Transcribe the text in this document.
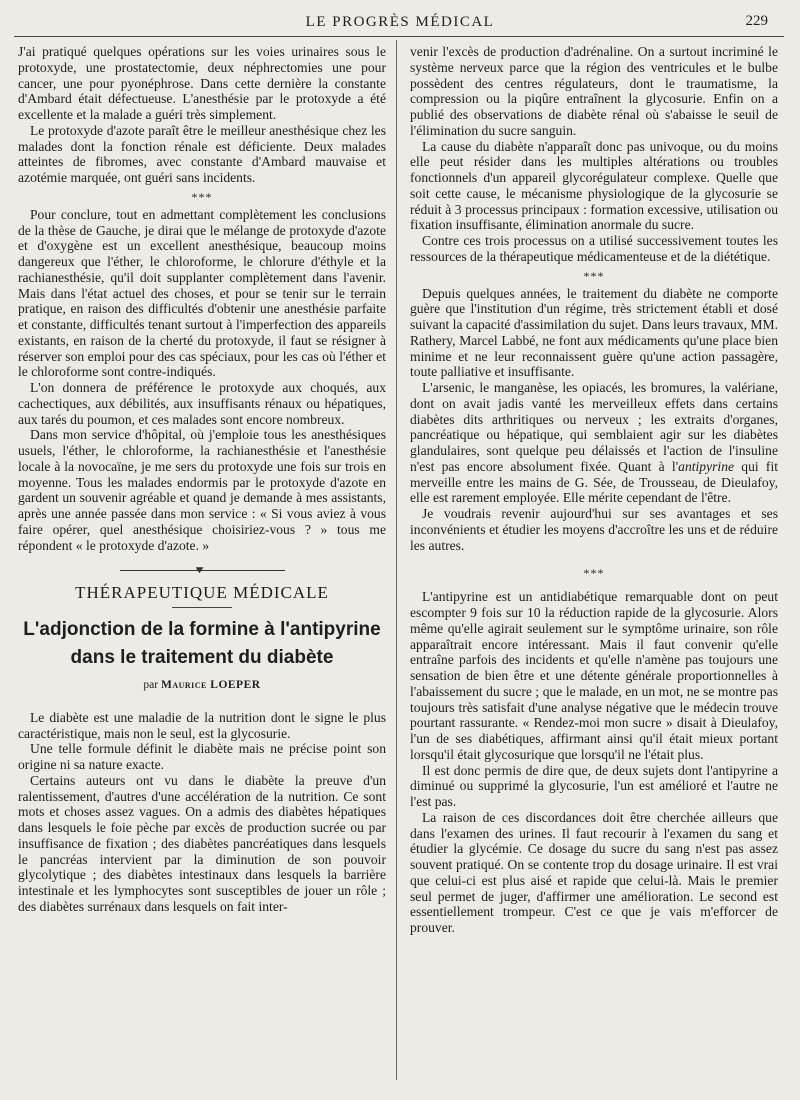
LE PROGRÈS MÉDICAL	229

J'ai pratiqué quelques opérations sur les voies urinaires sous le protoxyde, une prostatectomie, deux néphrectomies une pour cancer, une pour pyonéphrose. Dans cette dernière la constante d'Ambard était défectueuse. L'anesthésie par le protoxyde a été excellente et la malade a guéri très simplement.

Le protoxyde d'azote paraît être le meilleur anesthésique chez les malades dont la fonction rénale est déficiente. Deux malades atteintes de fibromes, avec constante d'Ambard mauvaise et azotémie marquée, ont guéri sans incidents.

***

Pour conclure, tout en admettant complètement les conclusions de la thèse de Gauche, je dirai que le mélange de protoxyde d'azote et d'oxygène est un excellent anesthésique, beaucoup moins dangereux que l'éther, le chloroforme, le chlorure d'éthyle et la rachianesthésie, qu'il doit supplanter complètement dans l'avenir. Mais dans l'état actuel des choses, et pour se tenir sur le terrain pratique, en raison des difficultés d'obtenir une anesthésie parfaite et constante, difficultés tenant surtout à l'imperfection des appareils existants, en raison de la cherté du protoxyde, il faut se résigner à réserver son emploi pour des cas spéciaux, pour les cas où l'éther et le chloroforme sont contre-indiqués.

L'on donnera de préférence le protoxyde aux choqués, aux cachectiques, aux débilités, aux insuffisants rénaux ou hépatiques, aux tarés du poumon, et ces malades sont encore nombreux.

Dans mon service d'hôpital, où j'emploie tous les anesthésiques usuels, l'éther, le chloroforme, la rachianesthésie et l'anesthésie locale à la novocaïne, je me sers du protoxyde une fois sur trois en moyenne. Tous les malades endormis par le protoxyde d'azote en gardent un souvenir agréable et quand je demande à mes assistants, après une année passée dans mon service : « Si vous aviez à vous faire opérer, quel anesthésique choisiriez-vous ? » tous me répondent « le protoxyde d'azote. »

THÉRAPEUTIQUE MÉDICALE
L'adjonction de la formine à l'antipyrine
dans le traitement du diabète
par Maurice LOEPER

Le diabète est une maladie de la nutrition dont le signe le plus caractéristique, mais non le seul, est la glycosurie.

Une telle formule définit le diabète mais ne précise point son origine ni sa nature exacte.

Certains auteurs ont vu dans le diabète la preuve d'un ralentissement, d'autres d'une accélération de la nutrition. Ce sont mots et choses assez vagues. On a admis des diabètes hépatiques dans lesquels le foie pèche par excès de production sucrée ou par insuffisance de fixation ; des diabètes pancréatiques dans lesquels le pancréas intervient par la diminution de son pouvoir glycolytique ; des diabètes intestinaux dans lesquels la barrière intestinale et les lymphocytes sont susceptibles de jouer un rôle ; des diabètes surrénaux dans lesquels on fait inter-

venir l'excès de production d'adrénaline. On a surtout incriminé le système nerveux parce que la région des ventricules et le bulbe possèdent des centres régulateurs, dont le traumatisme, la compression ou la piqûre entraînent la glycosurie. Enfin on a publié des observations de diabète rénal où s'abaisse le seuil de l'élimination du sucre sanguin.

La cause du diabète n'apparaît donc pas univoque, ou du moins elle peut résider dans les multiples altérations ou troubles fonctionnels d'un appareil glycorégulateur complexe. Quelle que soit cette cause, le mécanisme physiologique de la glycosurie se réduit à 3 processus principaux : formation excessive, utilisation ou fixation insuffisante, élimination anormale du sucre.

Contre ces trois processus on a utilisé successivement toutes les ressources de la thérapeutique médicamenteuse et de la diététique.

***

Depuis quelques années, le traitement du diabète ne comporte guère que l'institution d'un régime, très strictement établi et dosé suivant la capacité d'assimilation du sujet. Dans leurs travaux, MM. Rathery, Marcel Labbé, ne font aux médicaments qu'une place bien minime et ne leur reconnaissent guère qu'une action passagère, toute palliative et insuffisante.

L'arsenic, le manganèse, les opiacés, les bromures, la valériane, dont on avait jadis vanté les merveilleux effets dans certains diabètes dits arthritiques ou nerveux ; les extraits d'organes, pancréatique ou hépatique, qui semblaient agir sur les diabètes glandulaires, sont quelque peu délaissés et l'action de l'insuline n'est pas encore absolument fixée. Quant à l'antipyrine qui fit merveille entre les mains de G. Sée, de Trousseau, de Dieulafoy, elle est rarement employée. Elle mérite cependant de l'être.

Je voudrais revenir aujourd'hui sur ses avantages et ses inconvénients et étudier les moyens d'accroître les uns et de réduire les autres.

***

L'antipyrine est un antidiabétique remarquable dont on peut escompter 9 fois sur 10 la réduction rapide de la glycosurie. Alors même qu'elle agirait seulement sur le symptôme urinaire, son rôle apparaîtrait encore intéressant. Mais il faut convenir qu'elle entraîne parfois des incidents et qu'elle n'amène pas toujours une sensation de bien être et une détente générale proportionnelles à l'abaissement du sucre ; que le malade, en un mot, ne se montre pas toujours très satisfait d'une analyse négative que le médecin trouve pourtant rassurante. « Rendez-moi mon sucre » disait à Dieulafoy, l'un de ses diabétiques, affirmant ainsi qu'il était mieux portant lorsqu'il était glycosurique que lorsqu'il ne l'était plus.

Il est donc permis de dire que, de deux sujets dont l'antipyrine a diminué ou supprimé la glycosurie, l'un est amélioré et l'autre ne l'est pas.

La raison de ces discordances doit être cherchée ailleurs que dans l'examen des urines. Il faut recourir à l'examen du sang et étudier la glycémie. Ce dosage du sucre du sang n'est pas assez souvent pratiqué. On se contente trop du dosage urinaire. Il est vrai que celui-ci est plus aisé et rapide que celui-là. Mais le premier seul permet de juger, d'affirmer une amélioration. Le second est essentiellement trompeur. C'est ce que je vais m'efforcer de prouver.
